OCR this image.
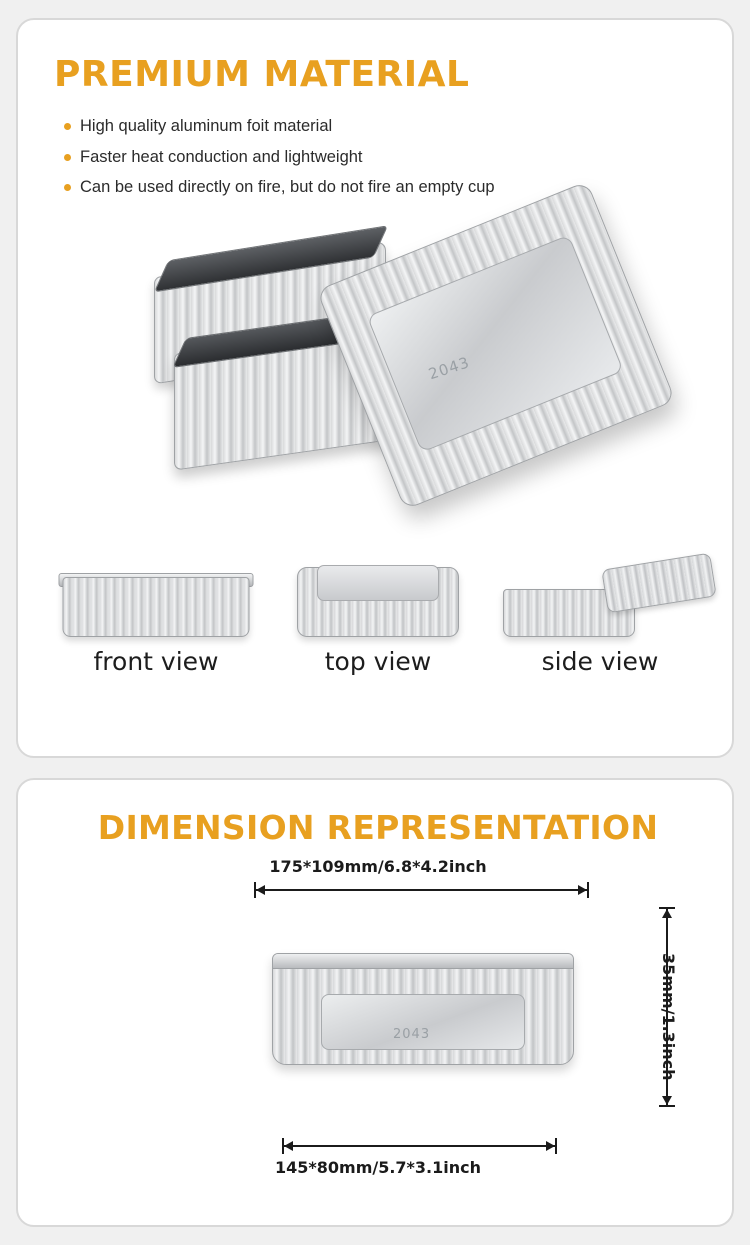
PREMIUM MATERIAL
High quality aluminum foit material
Faster heat conduction and lightweight
Can be used directly on fire, but do not fire an empty cup
2043
front view	top view	side view
DIMENSION REPRESENTATION
175*109mm/6.8*4.2inch
2043	35mm/1.3inch
145*80mm/5.7*3.1inch
